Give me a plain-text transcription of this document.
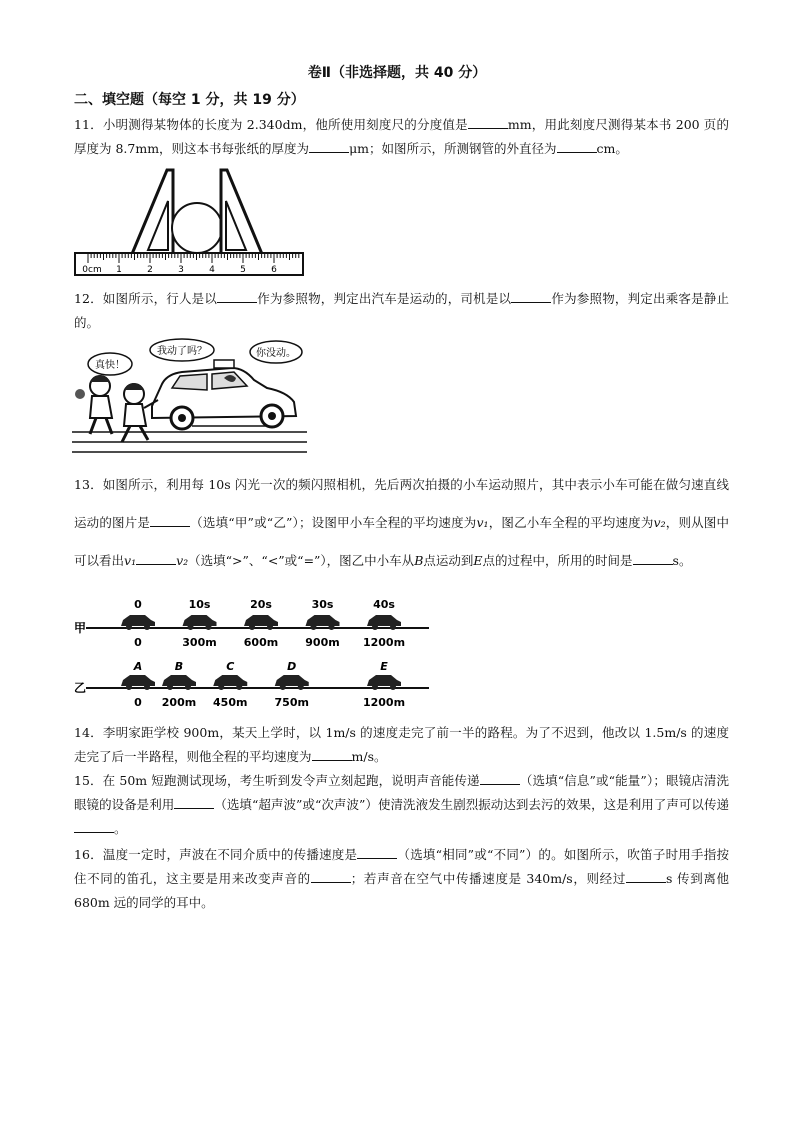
卷Ⅱ（非选择题，共 40 分）
二、填空题（每空 1 分，共 19 分）
11．小明测得某物体的长度为 2.340dm，他所使用刻度尺的分度值是	mm，用此刻度尺测得某本书 200 页的厚度为 8.7mm，则这本书每张纸的厚度为	μm；如图所示，所测钢管的外直径为	cm。
0cm 1	2	3	4	5	6
12．如图所示，行人是以	作为参照物，判定出汽车是运动的，司机是以	作为参照物，判定出乘客是静止的。
真快！
我动了吗？	你没动。
13．如图所示，利用每 10s 闪光一次的频闪照相机，先后两次拍摄的小车运动照片，其中表示小车可能在做匀速直线运动的图片是	（选填“甲”或“乙”）；设图甲小车全程的平均速度为v₁，图乙小车全程的平均速度为v₂，则从图中可以看出v₁	v₂（选填“>”、“<”或“=”），图乙中小车从B点运动到E点的过程中，所用的时间是	s。
甲
乙
0
0
10s
300m
20s
600m
30s
900m
40s
1200m
A
0
B
200m
C
450m
D
750m
E
1200m
14．李明家距学校 900m，某天上学时，以 1m/s 的速度走完了前一半的路程。为了不迟到，他改以 1.5m/s 的速度走完了后一半路程，则他全程的平均速度为	m/s。
15．在 50m 短跑测试现场，考生听到发令声立刻起跑，说明声音能传递	（选填“信息”或“能量”）；眼镜店清洗眼镜的设备是利用	（选填“超声波”或“次声波”）使清洗液发生剧烈振动达到去污的效果，这是利用了声可以传递。
16．温度一定时，声波在不同介质中的传播速度是	（选填“相同”或“不同”）的。如图所示，吹笛子时用手指按住不同的笛孔，这主要是用来改变声音的	；若声音在空气中传播速度是 340m/s，则经过	s 传到离他 680m 远的同学的耳中。
